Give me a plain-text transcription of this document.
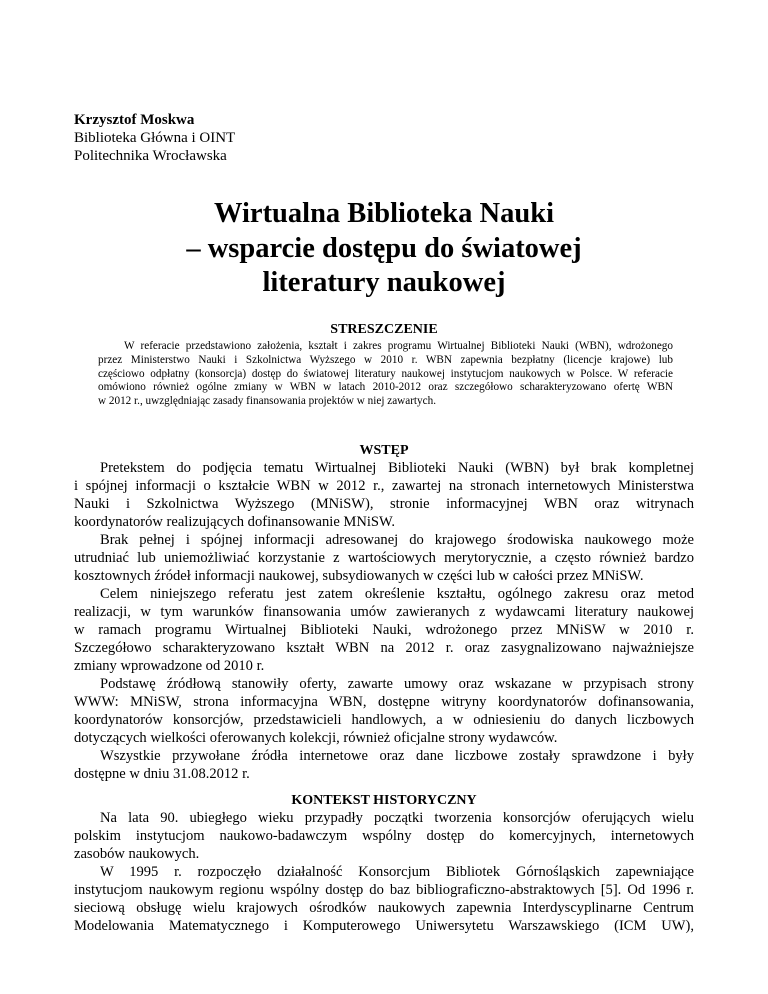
Krzysztof Moskwa
Biblioteka Główna i OINT
Politechnika Wrocławska
Wirtualna Biblioteka Nauki
– wsparcie dostępu do światowej
literatury naukowej
STRESZCZENIE
W referacie przedstawiono założenia, kształt i zakres programu Wirtualnej Biblioteki Nauki (WBN), wdrożonego
przez Ministerstwo Nauki i Szkolnictwa Wyższego w 2010 r. WBN zapewnia bezpłatny (licencje krajowe) lub
częściowo odpłatny (konsorcja) dostęp do światowej literatury naukowej instytucjom naukowych w Polsce. W referacie
omówiono również ogólne zmiany w WBN w latach 2010-2012 oraz szczegółowo scharakteryzowano ofertę WBN
w 2012 r., uwzględniając zasady finansowania projektów w niej zawartych.
WSTĘP
Pretekstem do podjęcia tematu Wirtualnej Biblioteki Nauki (WBN) był brak kompletnej
i spójnej informacji o kształcie WBN w 2012 r., zawartej na stronach internetowych Ministerstwa
Nauki i Szkolnictwa Wyższego (MNiSW), stronie informacyjnej WBN oraz witrynach
koordynatorów realizujących dofinansowanie MNiSW.
Brak pełnej i spójnej informacji adresowanej do krajowego środowiska naukowego może
utrudniać lub uniemożliwiać korzystanie z wartościowych merytorycznie, a często również bardzo
kosztownych źródeł informacji naukowej, subsydiowanych w części lub w całości przez MNiSW.
Celem niniejszego referatu jest zatem określenie kształtu, ogólnego zakresu oraz metod
realizacji, w tym warunków finansowania umów zawieranych z wydawcami literatury naukowej
w ramach programu Wirtualnej Biblioteki Nauki, wdrożonego przez MNiSW w 2010 r.
Szczegółowo scharakteryzowano kształt WBN na 2012 r. oraz zasygnalizowano najważniejsze
zmiany wprowadzone od 2010 r.
Podstawę źródłową stanowiły oferty, zawarte umowy oraz wskazane w przypisach strony
WWW: MNiSW, strona informacyjna WBN, dostępne witryny koordynatorów dofinansowania,
koordynatorów konsorcjów, przedstawicieli handlowych, a w odniesieniu do danych liczbowych
dotyczących wielkości oferowanych kolekcji, również oficjalne strony wydawców.
Wszystkie przywołane źródła internetowe oraz dane liczbowe zostały sprawdzone i były
dostępne w dniu 31.08.2012 r.
KONTEKST HISTORYCZNY
Na lata 90. ubiegłego wieku przypadły początki tworzenia konsorcjów oferujących wielu
polskim instytucjom naukowo-badawczym wspólny dostęp do komercyjnych, internetowych
zasobów naukowych.
W 1995 r. rozpoczęło działalność Konsorcjum Bibliotek Górnośląskich zapewniające
instytucjom naukowym regionu wspólny dostęp do baz bibliograficzno-abstraktowych [5]. Od 1996 r.
sieciową obsługę wielu krajowych ośrodków naukowych zapewnia Interdyscyplinarne Centrum
Modelowania Matematycznego i Komputerowego Uniwersytetu Warszawskiego (ICM UW),
